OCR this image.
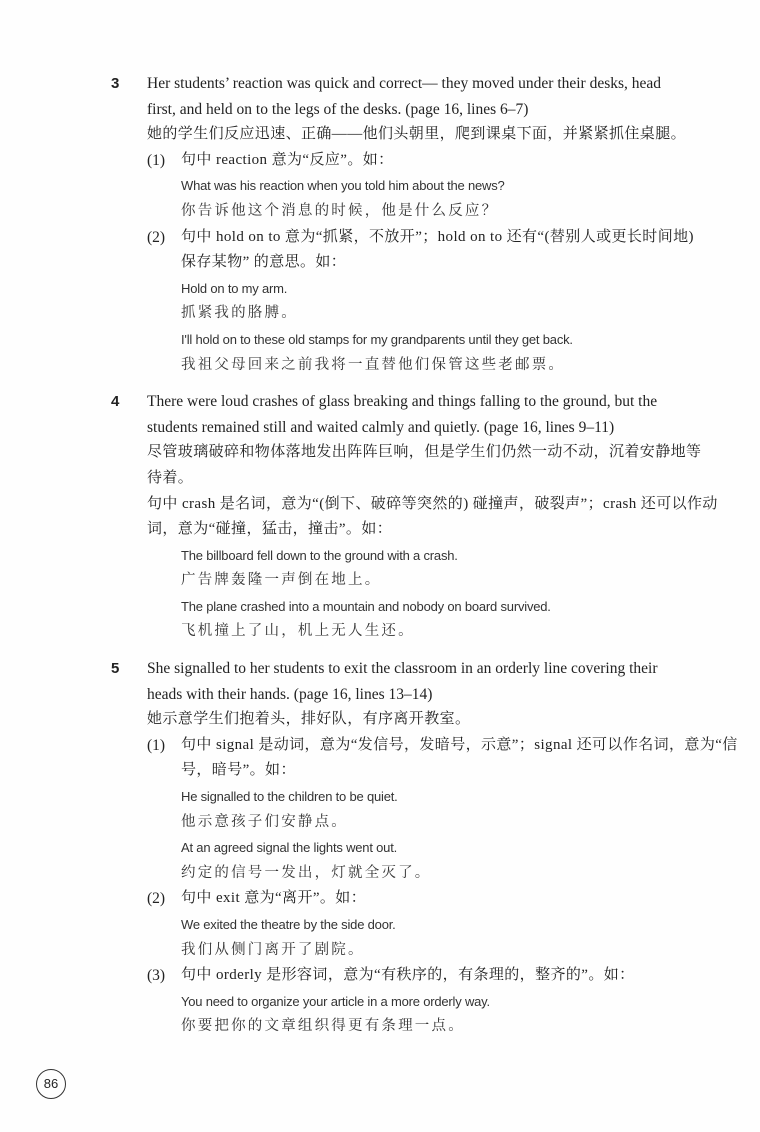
3 Her students’ reaction was quick and correct— they moved under their desks, head
first, and held on to the legs of the desks. (page 16, lines 6–7)
她的学生们反应迅速、正确——他们头朝里，爬到课桌下面，并紧紧抓住桌腿。
(1) 句中 reaction 意为“反应”。如：
What was his reaction when you told him about the news?
你告诉他这个消息的时候，他是什么反应？
(2) 句中 hold on to 意为“抓紧，不放开”；hold on to 还有“(替别人或更长时间地)
保存某物” 的意思。如：
Hold on to my arm.
抓紧我的胳膊。
I'll hold on to these old stamps for my grandparents until they get back.
我祖父母回来之前我将一直替他们保管这些老邮票。
4 There were loud crashes of glass breaking and things falling to the ground, but the
students remained still and waited calmly and quietly. (page 16, lines 9–11)
尽管玻璃破碎和物体落地发出阵阵巨响，但是学生们仍然一动不动，沉着安静地等
待着。
句中 crash 是名词，意为“(倒下、破碎等突然的) 碰撞声，破裂声”；crash 还可以作动
词，意为“碰撞，猛击，撞击”。如：
The billboard fell down to the ground with a crash.
广告牌轰隆一声倒在地上。
The plane crashed into a mountain and nobody on board survived.
飞机撞上了山，机上无人生还。
5 She signalled to her students to exit the classroom in an orderly line covering their
heads with their hands. (page 16, lines 13–14)
她示意学生们抱着头，排好队，有序离开教室。
(1) 句中 signal 是动词，意为“发信号，发暗号，示意”；signal 还可以作名词，意为“信
号，暗号”。如：
He signalled to the children to be quiet.
他示意孩子们安静点。
At an agreed signal the lights went out.
约定的信号一发出，灯就全灭了。
(2) 句中 exit 意为“离开”。如：
We exited the theatre by the side door.
我们从侧门离开了剧院。
(3) 句中 orderly 是形容词，意为“有秩序的，有条理的，整齐的”。如：
You need to organize your article in a more orderly way.
你要把你的文章组织得更有条理一点。
86
